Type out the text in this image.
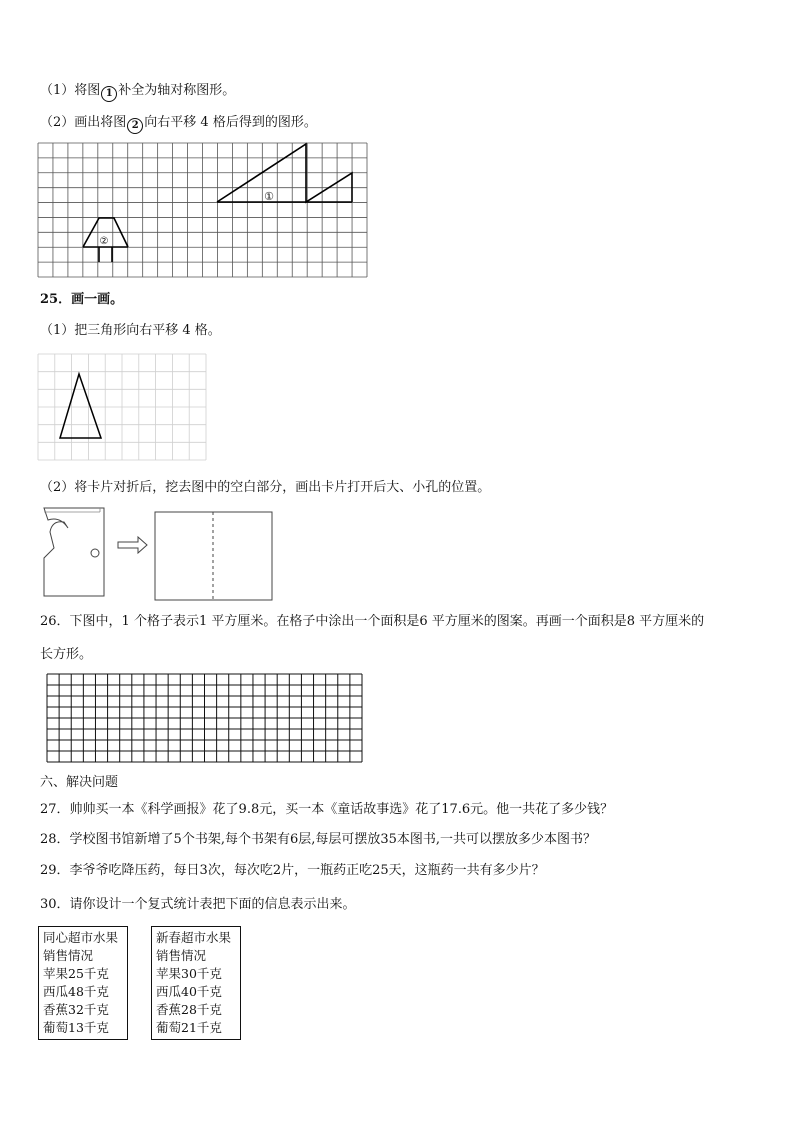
（1）将图 1 补全为轴对称图形。
（2）画出将图 2 向右平移 4 格后得到的图形。
①
②
25．画一画。
（1）把三角形向右平移 4 格。
（2）将卡片对折后，挖去图中的空白部分，画出卡片打开后大、小孔的位置。
26．下图中，1 个格子表示1 平方厘米。在格子中涂出一个面积是6 平方厘米的图案。再画一个面积是8 平方厘米的
长方形。
六、解决问题
27．帅帅买一本《科学画报》花了9.8元，买一本《童话故事选》花了17.6元。他一共花了多少钱？
28．学校图书馆新增了5个书架,每个书架有6层,每层可摆放35本图书,一共可以摆放多少本图书？
29．李爷爷吃降压药，每日3次，每次吃2片，一瓶药正吃25天，这瓶药一共有多少片？
30．请你设计一个复式统计表把下面的信息表示出来。
同心超市水果
销售情况
苹果25千克
西瓜48千克
香蕉32千克
葡萄13千克
新春超市水果
销售情况
苹果30千克
西瓜40千克
香蕉28千克
葡萄21千克
